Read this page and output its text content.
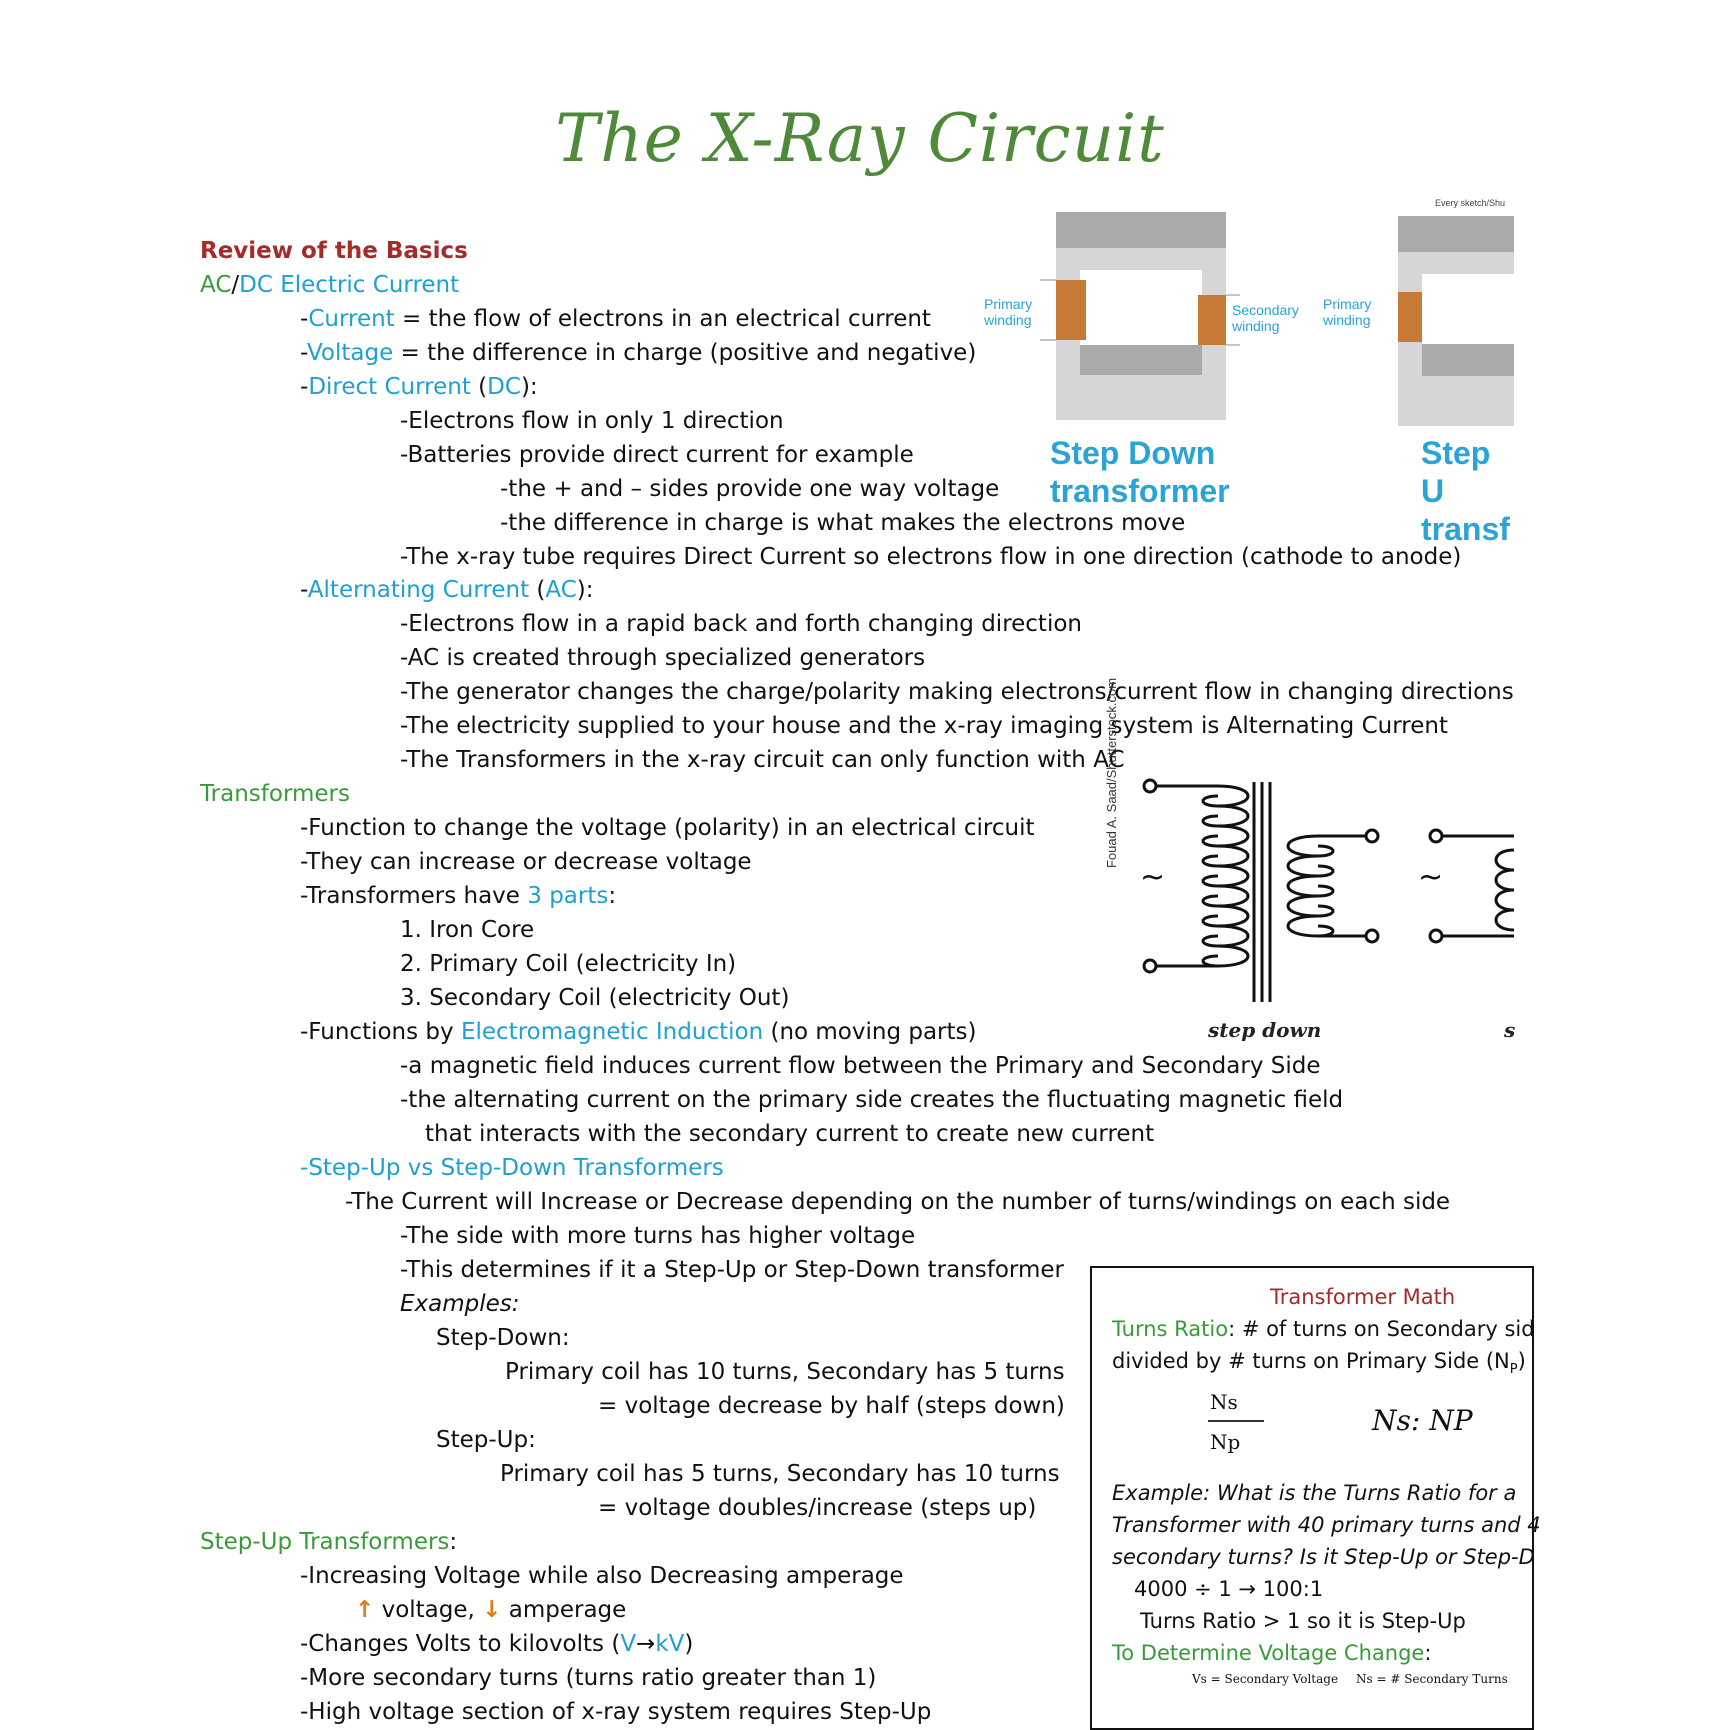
The X-Ray Circuit
Review of the Basics
AC/DC Electric Current
-Current = the flow of electrons in an electrical current
-Voltage = the difference in charge (positive and negative)
-Direct Current (DC):
-Electrons flow in only 1 direction
-Batteries provide direct current for example
-the + and – sides provide one way voltage
-the difference in charge is what makes the electrons move
-The x-ray tube requires Direct Current so electrons flow in one direction (cathode to anode)
-Alternating Current (AC):
-Electrons flow in a rapid back and forth changing direction
-AC is created through specialized generators
-The generator changes the charge/polarity making electrons/current flow in changing directions
-The electricity supplied to your house and the x-ray imaging system is Alternating Current
-The Transformers in the x-ray circuit can only function with AC
Transformers
-Function to change the voltage (polarity) in an electrical circuit
-They can increase or decrease voltage
-Transformers have 3 parts:
1. Iron Core
2. Primary Coil (electricity In)
3. Secondary Coil (electricity Out)
-Functions by Electromagnetic Induction (no moving parts)
-a magnetic field induces current flow between the Primary and Secondary Side
-the alternating current on the primary side creates the fluctuating magnetic field
that interacts with the secondary current to create new current
-Step-Up vs Step-Down Transformers
-The Current will Increase or Decrease depending on the number of turns/windings on each side
-The side with more turns has higher voltage
-This determines if it a Step-Up or Step-Down transformer
Examples:
Step-Down:
Primary coil has 10 turns, Secondary has 5 turns
= voltage decrease by half (steps down)
Step-Up:
Primary coil has 5 turns, Secondary has 10 turns
= voltage doubles/increase (steps up)
Step-Up Transformers:
-Increasing Voltage while also Decreasing amperage
↑ voltage, ↓ amperage
-Changes Volts to kilovolts (V→kV)
-More secondary turns (turns ratio greater than 1)
-High voltage section of x-ray system requires Step-Up
Every sketch/Shu
Primary
winding
Secondary
winding
Primary
winding
Step Down
transformer
Step U
transf
Fouad A. Saad/Shutterstock.com
~	~
step down	s
Transformer Math
Turns Ratio: # of turns on Secondary sid
divided by # turns on Primary Side $(N_P)$
Ns
Np
Ns: NP
Example: What is the Turns Ratio for a
Transformer with 40 primary turns and 4
secondary turns? Is it Step-Up or Step-D
4000 ÷ 1 → 100:1
Turns Ratio > 1 so it is Step-Up
To Determine Voltage Change:
Vs = Secondary Voltage Ns = # Secondary Turns
